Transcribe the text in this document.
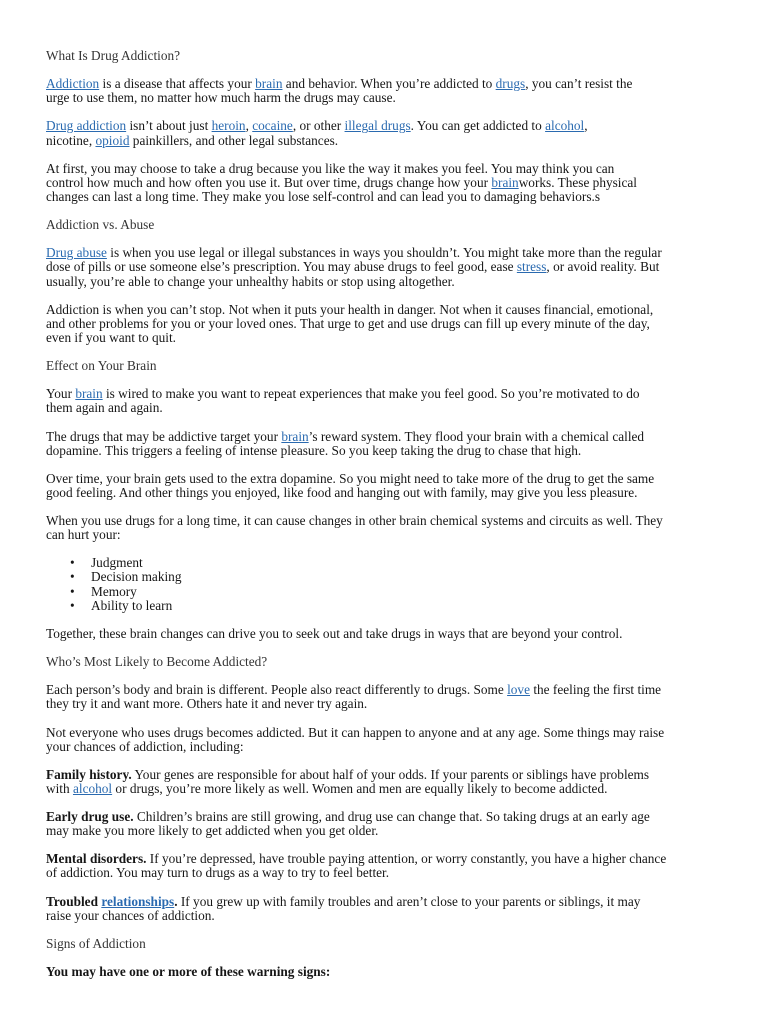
What Is Drug Addiction?

Addiction is a disease that affects your brain and behavior. When you’re addicted to drugs, you can’t resist the
urge to use them, no matter how much harm the drugs may cause.

Drug addiction isn’t about just heroin, cocaine, or other illegal drugs. You can get addicted to alcohol,
nicotine, opioid painkillers, and other legal substances.

At first, you may choose to take a drug because you like the way it makes you feel. You may think you can
control how much and how often you use it. But over time, drugs change how your brainworks. These physical
changes can last a long time. They make you lose self-control and can lead you to damaging behaviors.s

Addiction vs. Abuse

Drug abuse is when you use legal or illegal substances in ways you shouldn’t. You might take more than the regular
dose of pills or use someone else’s prescription. You may abuse drugs to feel good, ease stress, or avoid reality. But
usually, you’re able to change your unhealthy habits or stop using altogether.

Addiction is when you can’t stop. Not when it puts your health in danger. Not when it causes financial, emotional,
and other problems for you or your loved ones. That urge to get and use drugs can fill up every minute of the day,
even if you want to quit.

Effect on Your Brain

Your brain is wired to make you want to repeat experiences that make you feel good. So you’re motivated to do
them again and again.

The drugs that may be addictive target your brain’s reward system. They flood your brain with a chemical called
dopamine. This triggers a feeling of intense pleasure. So you keep taking the drug to chase that high.

Over time, your brain gets used to the extra dopamine. So you might need to take more of the drug to get the same
good feeling. And other things you enjoyed, like food and hanging out with family, may give you less pleasure.

When you use drugs for a long time, it can cause changes in other brain chemical systems and circuits as well. They
can hurt your:

• Judgment
• Decision making
• Memory
• Ability to learn

Together, these brain changes can drive you to seek out and take drugs in ways that are beyond your control.

Who’s Most Likely to Become Addicted?

Each person’s body and brain is different. People also react differently to drugs. Some love the feeling the first time
they try it and want more. Others hate it and never try again.

Not everyone who uses drugs becomes addicted. But it can happen to anyone and at any age. Some things may raise
your chances of addiction, including:

Family history. Your genes are responsible for about half of your odds. If your parents or siblings have problems
with alcohol or drugs, you’re more likely as well. Women and men are equally likely to become addicted.

Early drug use. Children’s brains are still growing, and drug use can change that. So taking drugs at an early age
may make you more likely to get addicted when you get older.

Mental disorders. If you’re depressed, have trouble paying attention, or worry constantly, you have a higher chance
of addiction. You may turn to drugs as a way to try to feel better.

Troubled relationships. If you grew up with family troubles and aren’t close to your parents or siblings, it may
raise your chances of addiction.

Signs of Addiction

You may have one or more of these warning signs:
